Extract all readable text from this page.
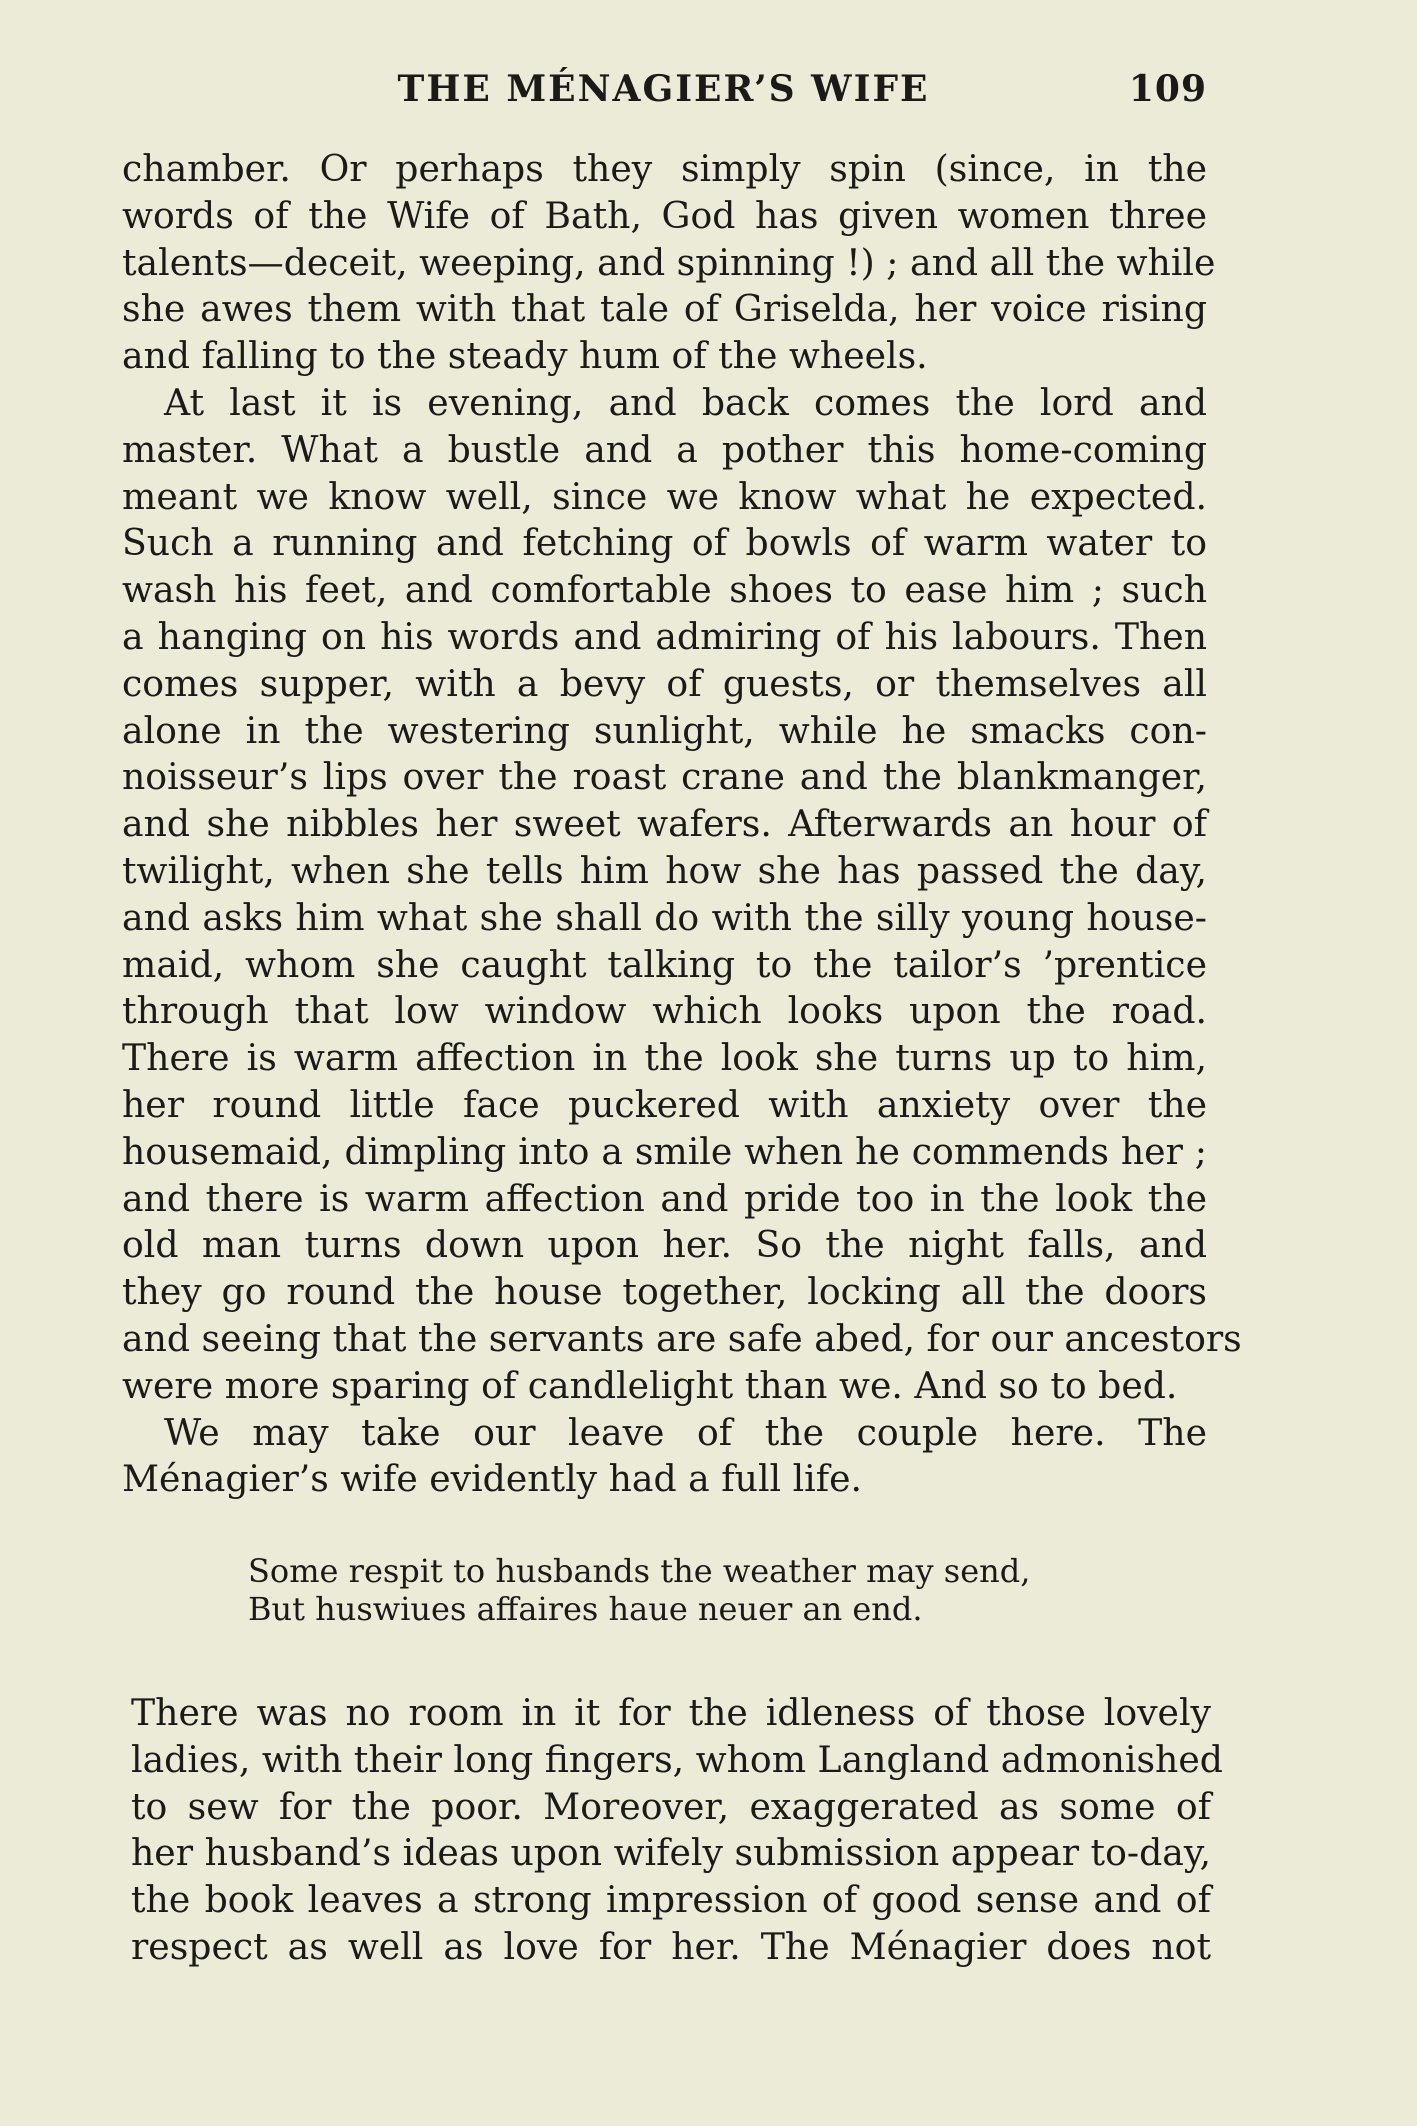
THE MÉNAGIER’S WIFE	109
chamber. Or perhaps they simply spin (since, in the
words of the Wife of Bath, God has given women three
talents—deceit, weeping, and spinning !) ; and all the while
she awes them with that tale of Griselda, her voice rising
and falling to the steady hum of the wheels.
At last it is evening, and back comes the lord and
master. What a bustle and a pother this home-coming
meant we know well, since we know what he expected.
Such a running and fetching of bowls of warm water to
wash his feet, and comfortable shoes to ease him ; such
a hanging on his words and admiring of his labours. Then
comes supper, with a bevy of guests, or themselves all
alone in the westering sunlight, while he smacks con-
noisseur’s lips over the roast crane and the blankmanger,
and she nibbles her sweet wafers. Afterwards an hour of
twilight, when she tells him how she has passed the day,
and asks him what she shall do with the silly young house-
maid, whom she caught talking to the tailor’s ’prentice
through that low window which looks upon the road.
There is warm affection in the look she turns up to him,
her round little face puckered with anxiety over the
housemaid, dimpling into a smile when he commends her ;
and there is warm affection and pride too in the look the
old man turns down upon her. So the night falls, and
they go round the house together, locking all the doors
and seeing that the servants are safe abed, for our ancestors
were more sparing of candlelight than we. And so to bed.
We may take our leave of the couple here. The
Ménagier’s wife evidently had a full life.
Some respit to husbands the weather may send,
But huswiues affaires haue neuer an end.
There was no room in it for the idleness of those lovely
ladies, with their long fingers, whom Langland admonished
to sew for the poor. Moreover, exaggerated as some of
her husband’s ideas upon wifely submission appear to-day,
the book leaves a strong impression of good sense and of
respect as well as love for her. The Ménagier does not
